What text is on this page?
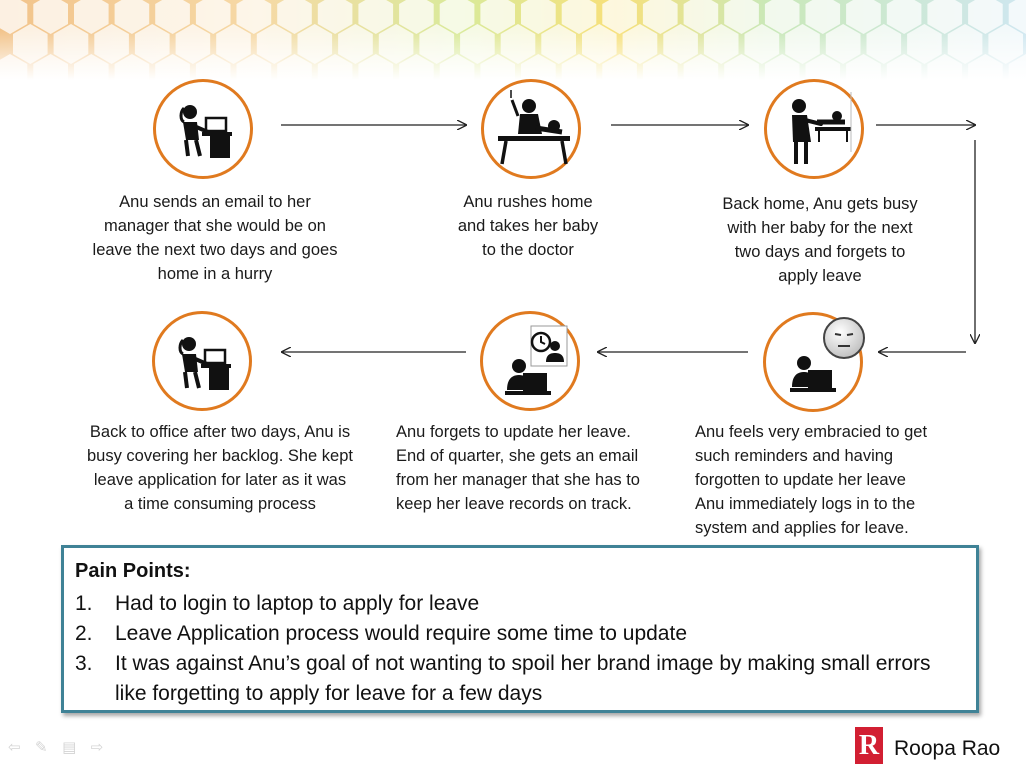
Anu sends an email to her
manager that she would be on
leave the next two days and goes
home in a hurry
Anu rushes home
and takes her baby
to the doctor
Back home, Anu gets busy
with her baby for the next
two days and forgets to
apply leave
Anu feels very embracied to get
such reminders and having
forgotten to update her leave
Anu immediately logs in to the
system and applies for leave.
Anu forgets to update her leave.
End of quarter, she gets an email
from her manager that she has to
keep her leave records on track.
Back to office after two days, Anu is
busy covering her backlog. She kept
leave application for later as it was
a time consuming process
Pain Points:
1.	Had to login to laptop to apply for leave
2.	Leave Application process would require some time to update
3.	It was against Anu’s goal of not wanting to spoil her brand image by making small errors like forgetting to apply for leave for a few days
⇦ ✎ ▤ ⇨	R Roopa Rao
